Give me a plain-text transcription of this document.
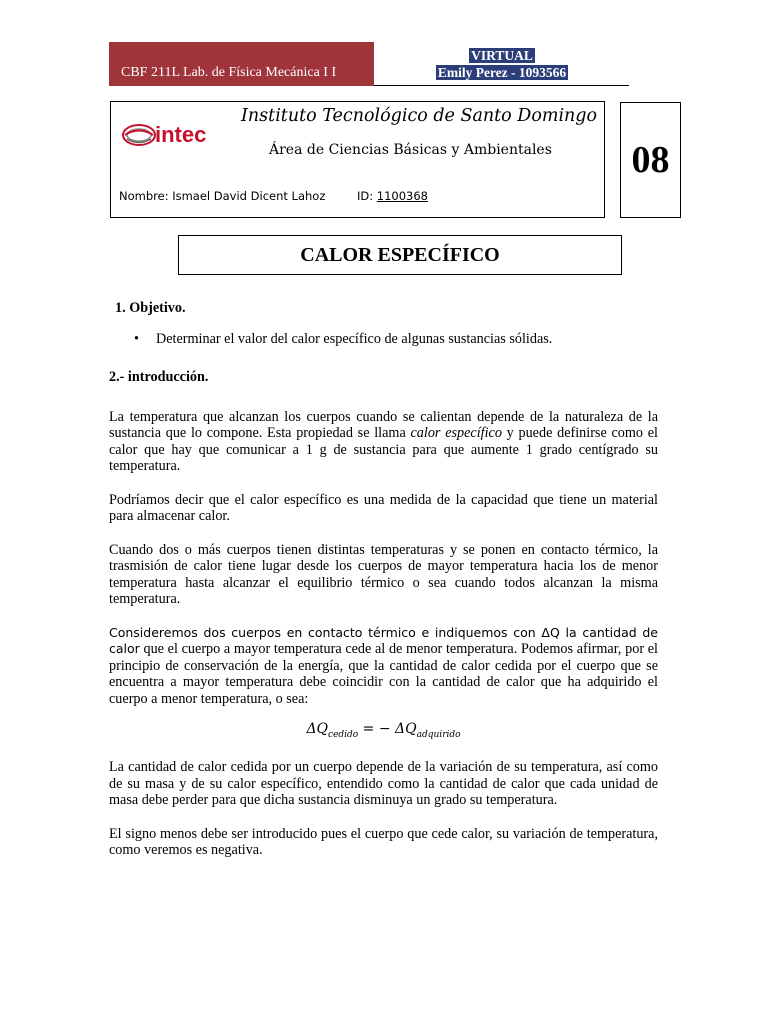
CBF 211L Lab. de Física Mecánica I I
VIRTUAL
Emily Perez - 1093566
intec
Instituto Tecnológico de Santo Domingo
Área de Ciencias Básicas y Ambientales
Nombre: Ismael David Dicent Lahoz	ID: 1100368
08
CALOR ESPECÍFICO

1. Objetivo.

• Determinar el valor del calor específico de algunas sustancias sólidas.

2.- introducción.

La temperatura que alcanzan los cuerpos cuando se calientan depende de la naturaleza de la sustancia que lo compone. Esta propiedad se llama calor específico y puede definirse como el calor que hay que comunicar a 1 g de sustancia para que aumente 1 grado centígrado su temperatura.

Podríamos decir que el calor específico es una medida de la capacidad que tiene un material para almacenar calor.

Cuando dos o más cuerpos tienen distintas temperaturas y se ponen en contacto térmico, la trasmisión de calor tiene lugar desde los cuerpos de mayor temperatura hacia los de menor temperatura hasta alcanzar el equilibrio térmico o sea cuando todos alcanzan la misma temperatura.

Consideremos dos cuerpos en contacto térmico e indiquemos con ΔQ la cantidad de calor que el cuerpo a mayor temperatura cede al de menor temperatura. Podemos afirmar, por el principio de conservación de la energía, que la cantidad de calor cedida por el cuerpo que se encuentra a mayor temperatura debe coincidir con la cantidad de calor que ha adquirido el cuerpo a menor temperatura, o sea:

$\Delta Q_{cedido}$ = − $\Delta Q_{adquirido}$

La cantidad de calor cedida por un cuerpo depende de la variación de su temperatura, así como de su masa y de su calor específico, entendido como la cantidad de calor que cada unidad de masa debe perder para que dicha sustancia disminuya un grado su temperatura.

El signo menos debe ser introducido pues el cuerpo que cede calor, su variación de temperatura, como veremos es negativa.
